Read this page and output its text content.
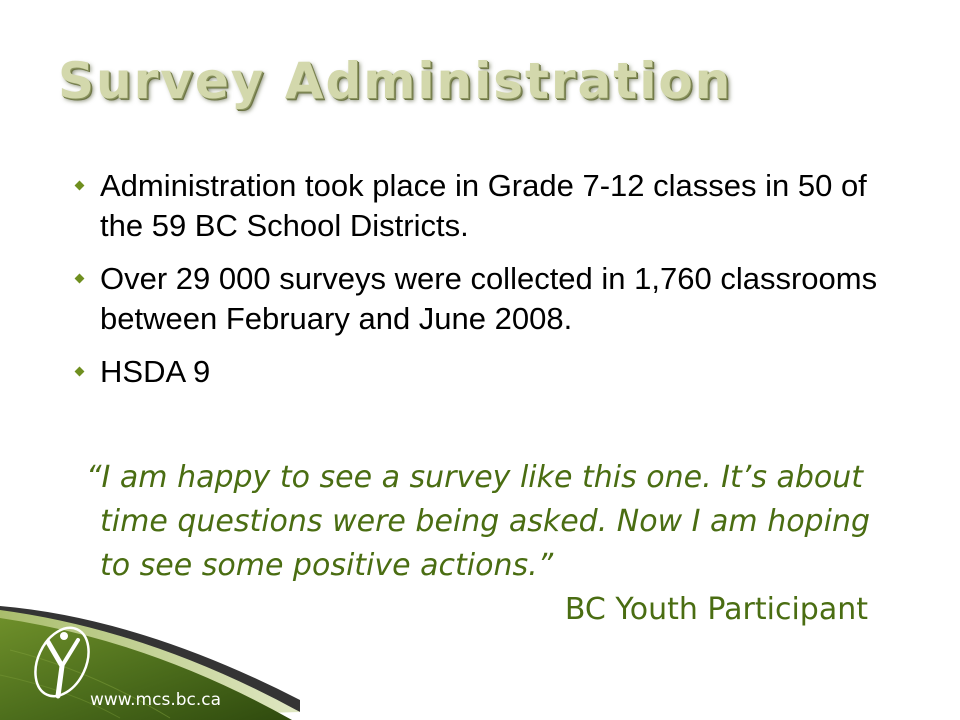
Survey Administration
Administration took place in Grade 7-12 classes in 50 of the 59 BC School Districts.
Over 29 000 surveys were collected in 1,760 classrooms between February and June 2008.
HSDA 9
“I am happy to see a survey like this one. It’s about time questions were being asked. Now I am hoping to see some positive actions.”
BC Youth Participant
www.mcs.bc.ca
